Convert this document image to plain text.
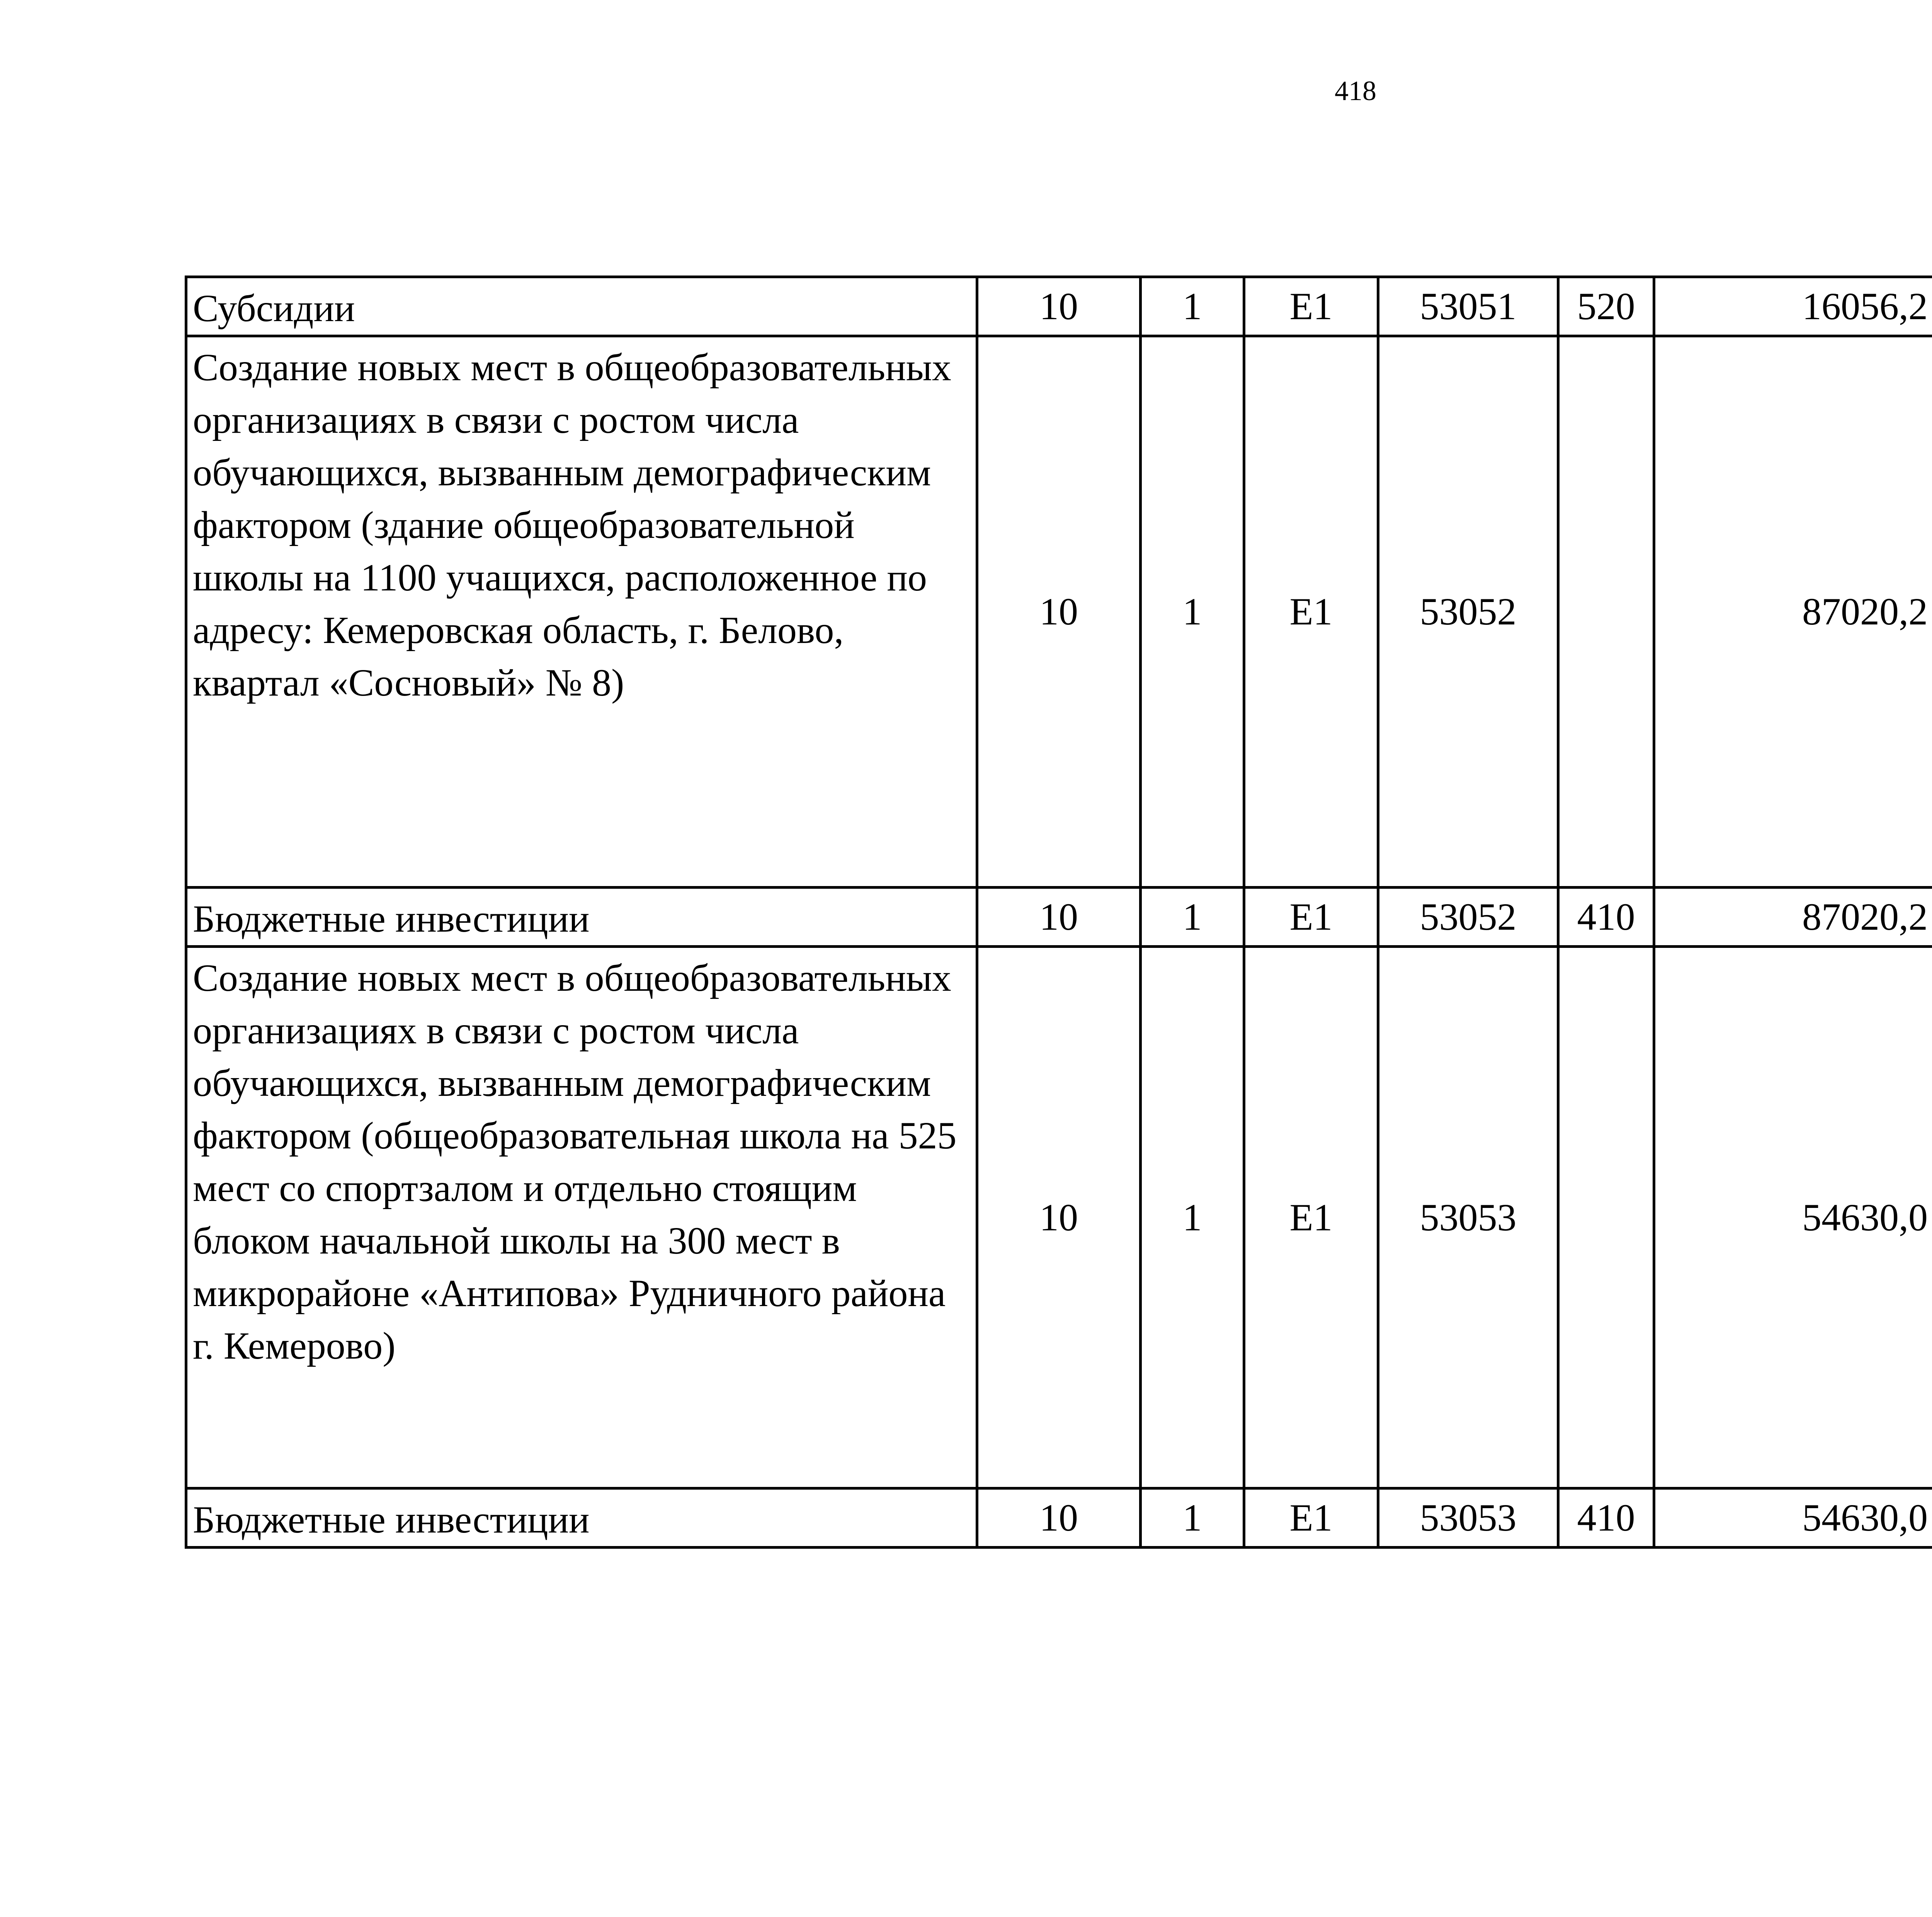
418
Субсидии	10	1	Е1	53051	520	16056,2		
Создание новых мест в общеобразовательных организациях в связи с ростом числа обучающихся, вызванным демографическим фактором (здание общеобразовательной школы на 1100 учащихся, расположенное по адресу: Кемеровская область, г. Белово, квартал «Сосновый» № 8)	10	1	Е1	53052		87020,2		
Бюджетные инвестиции	10	1	Е1	53052	410	87020,2		
Создание новых мест в общеобразовательных организациях в связи с ростом числа обучающихся, вызванным демографическим фактором (общеобразовательная школа на 525 мест со спортзалом и отдельно стоящим блоком начальной школы на 300 мест в микрорайоне «Антипова» Рудничного района г. Кемерово)	10	1	Е1	53053		54630,0		
Бюджетные инвестиции	10	1	Е1	53053	410	54630,0		
